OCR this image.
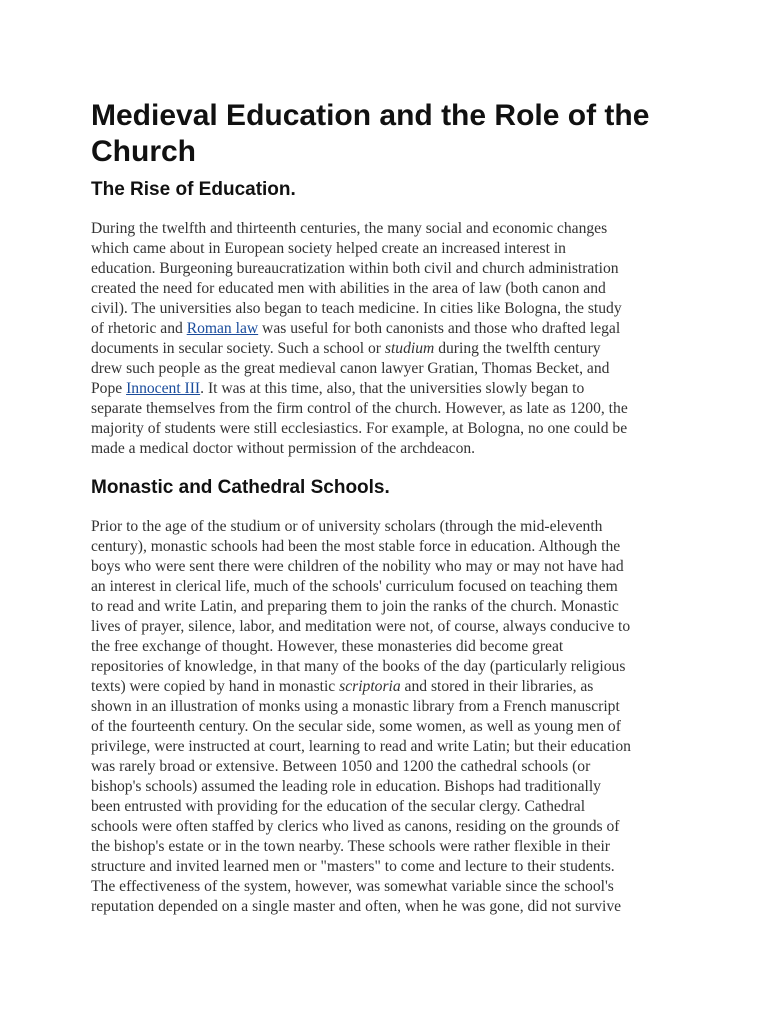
Medieval Education and the Role of the
Church
The Rise of Education.

During the twelfth and thirteenth centuries, the many social and economic changes
which came about in European society helped create an increased interest in
education. Burgeoning bureaucratization within both civil and church administration
created the need for educated men with abilities in the area of law (both canon and
civil). The universities also began to teach medicine. In cities like Bologna, the study
of rhetoric and Roman law was useful for both canonists and those who drafted legal
documents in secular society. Such a school or studium during the twelfth century
drew such people as the great medieval canon lawyer Gratian, Thomas Becket, and
Pope Innocent III. It was at this time, also, that the universities slowly began to
separate themselves from the firm control of the church. However, as late as 1200, the
majority of students were still ecclesiastics. For example, at Bologna, no one could be
made a medical doctor without permission of the archdeacon.

Monastic and Cathedral Schools.

Prior to the age of the studium or of university scholars (through the mid-eleventh
century), monastic schools had been the most stable force in education. Although the
boys who were sent there were children of the nobility who may or may not have had
an interest in clerical life, much of the schools' curriculum focused on teaching them
to read and write Latin, and preparing them to join the ranks of the church. Monastic
lives of prayer, silence, labor, and meditation were not, of course, always conducive to
the free exchange of thought. However, these monasteries did become great
repositories of knowledge, in that many of the books of the day (particularly religious
texts) were copied by hand in monastic scriptoria and stored in their libraries, as
shown in an illustration of monks using a monastic library from a French manuscript
of the fourteenth century. On the secular side, some women, as well as young men of
privilege, were instructed at court, learning to read and write Latin; but their education
was rarely broad or extensive. Between 1050 and 1200 the cathedral schools (or
bishop's schools) assumed the leading role in education. Bishops had traditionally
been entrusted with providing for the education of the secular clergy. Cathedral
schools were often staffed by clerics who lived as canons, residing on the grounds of
the bishop's estate or in the town nearby. These schools were rather flexible in their
structure and invited learned men or "masters" to come and lecture to their students.
The effectiveness of the system, however, was somewhat variable since the school's
reputation depended on a single master and often, when he was gone, did not survive
